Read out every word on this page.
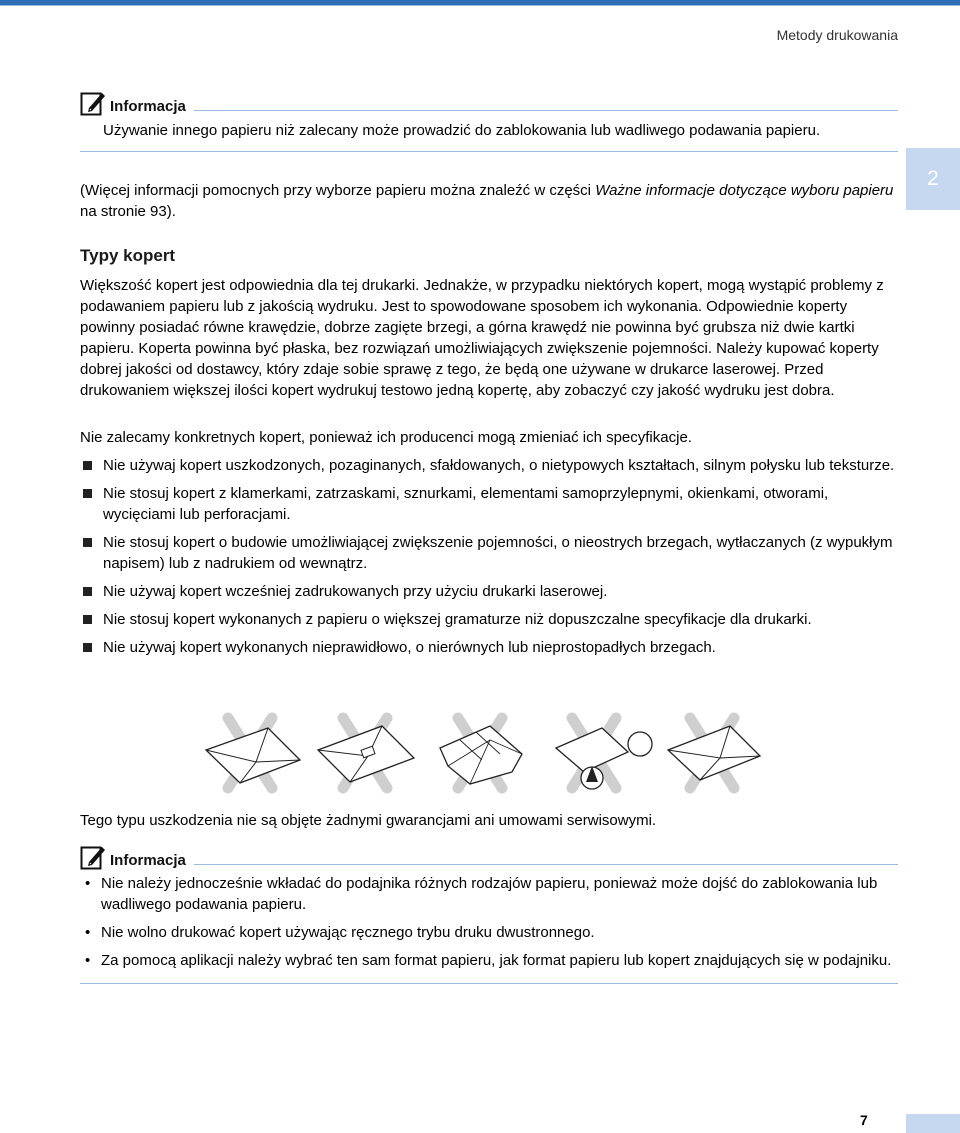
Metody drukowania
2
Informacja
Używanie innego papieru niż zalecany może prowadzić do zablokowania lub wadliwego podawania papieru.
(Więcej informacji pomocnych przy wyborze papieru można znaleźć w części Ważne informacje dotyczące wyboru papieru na stronie 93).
Typy kopert
Większość kopert jest odpowiednia dla tej drukarki. Jednakże, w przypadku niektórych kopert, mogą wystąpić problemy z podawaniem papieru lub z jakością wydruku. Jest to spowodowane sposobem ich wykonania. Odpowiednie koperty powinny posiadać równe krawędzie, dobrze zagięte brzegi, a górna krawędź nie powinna być grubsza niż dwie kartki papieru. Koperta powinna być płaska, bez rozwiązań umożliwiających zwiększenie pojemności. Należy kupować koperty dobrej jakości od dostawcy, który zdaje sobie sprawę z tego, że będą one używane w drukarce laserowej. Przed drukowaniem większej ilości kopert wydrukuj testowo jedną kopertę, aby zobaczyć czy jakość wydruku jest dobra.
Nie zalecamy konkretnych kopert, ponieważ ich producenci mogą zmieniać ich specyfikacje.
Nie używaj kopert uszkodzonych, pozaginanych, sfałdowanych, o nietypowych kształtach, silnym połysku lub teksturze.
Nie stosuj kopert z klamerkami, zatrzaskami, sznurkami, elementami samoprzylepnymi, okienkami, otworami, wycięciami lub perforacjami.
Nie stosuj kopert o budowie umożliwiającej zwiększenie pojemności, o nieostrych brzegach, wytłaczanych (z wypukłym napisem) lub z nadrukiem od wewnątrz.
Nie używaj kopert wcześniej zadrukowanych przy użyciu drukarki laserowej.
Nie stosuj kopert wykonanych z papieru o większej gramaturze niż dopuszczalne specyfikacje dla drukarki.
Nie używaj kopert wykonanych nieprawidłowo, o nierównych lub nieprostopadłych brzegach.
Tego typu uszkodzenia nie są objęte żadnymi gwarancjami ani umowami serwisowymi.
Informacja
• Nie należy jednocześnie wkładać do podajnika różnych rodzajów papieru, ponieważ może dojść do zablokowania lub wadliwego podawania papieru.
• Nie wolno drukować kopert używając ręcznego trybu druku dwustronnego.
• Za pomocą aplikacji należy wybrać ten sam format papieru, jak format papieru lub kopert znajdujących się w podajniku.
7
